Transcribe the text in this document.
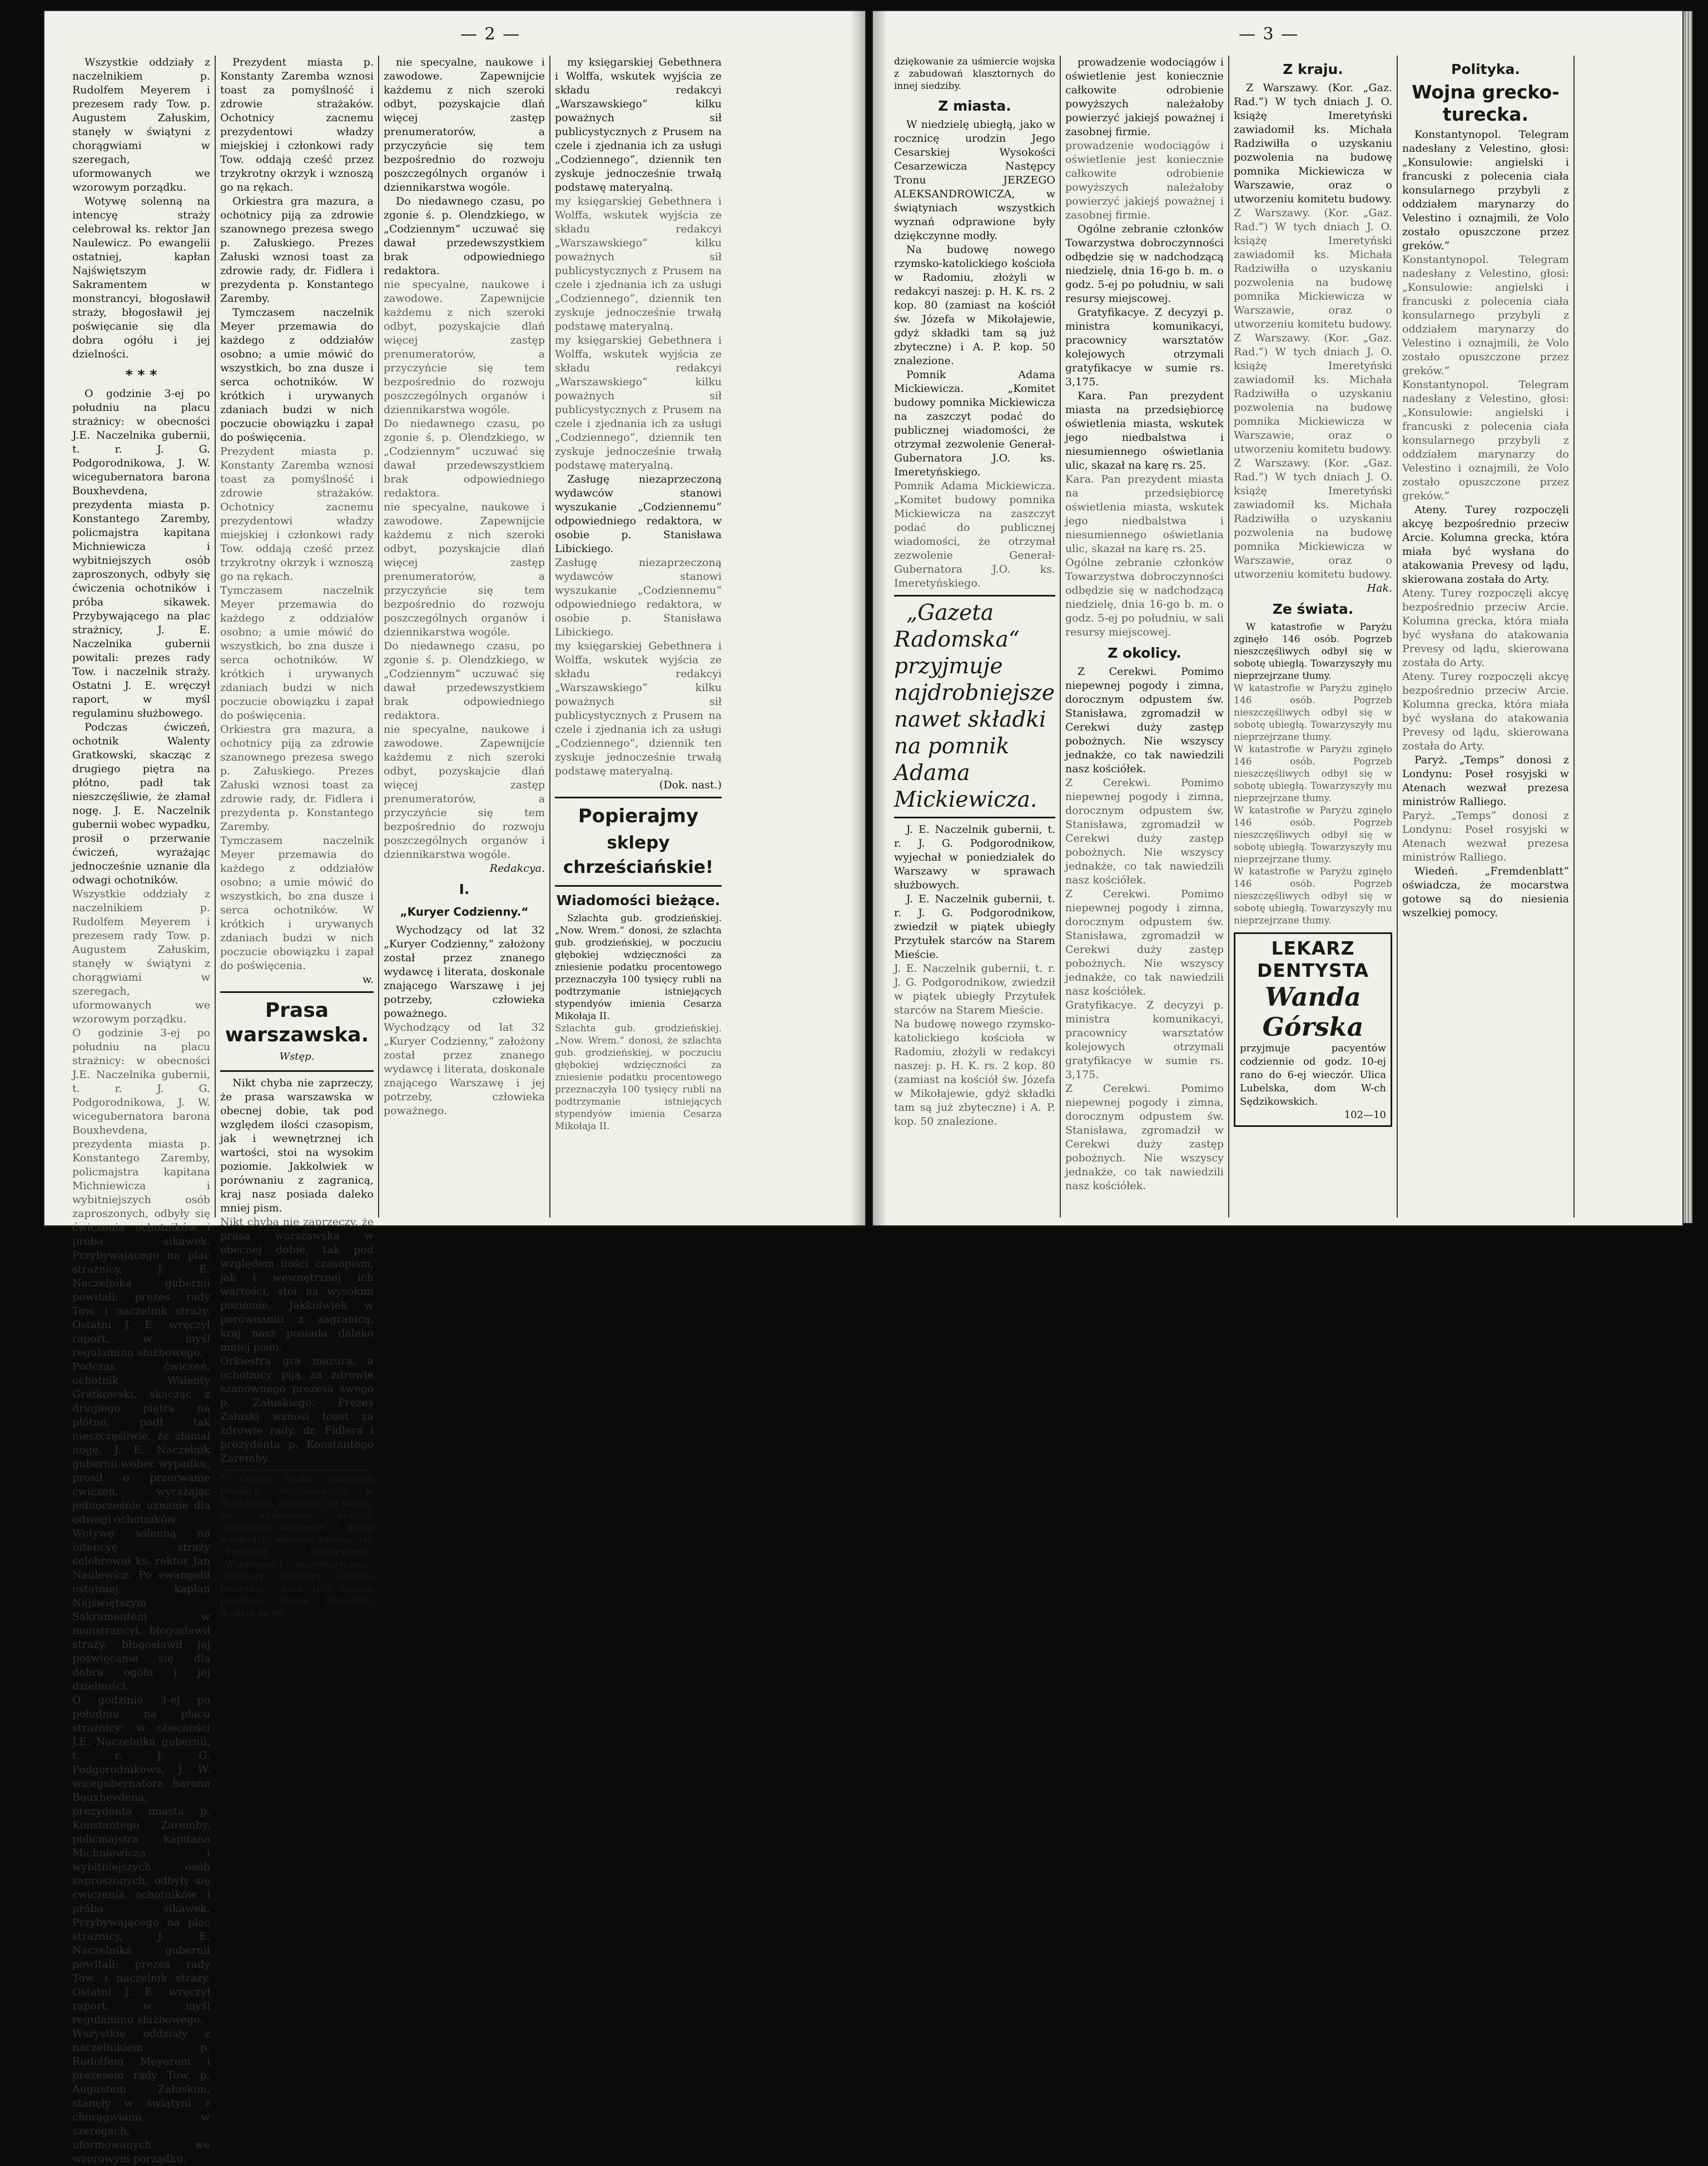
— 2 —

Wszystkie oddziały z naczelnikiem p. Rudolfem Meyerem i prezesem rady Tow. p. Augustem Załuskim, stanęły w świątyni z chorągwiami w szeregach, uformowanych we wzorowym porządku.

Wotywę solenną na intencyę straży celebrował ks. rektor Jan Naulewicz. Po ewangelii ostatniej, kapłan Najświętszym Sakramentem w monstrancyi, błogosławił straży, błogosławił jej poświęcanie się dla dobra ogółu i jej dzielności.

* * *

O godzinie 3-ej po południu na placu strażnicy: w obecności J.E. Naczelnika gubernii, t. r. J. G. Podgorodnikowa, J. W. wicegubernatora barona Bouxhevdena, prezydenta miasta p. Konstantego Zaremby, policmajstra kapitana Michniewicza i wybitniejszych osób zaproszonych, odbyły się ćwiczenia ochotników i próba sikawek. Przybywającego na plac strażnicy, J. E. Naczelnika gubernii powitali: prezes rady Tow. i naczelnik straży. Ostatni J. E. wręczył raport, w myśl regulaminu służbowego.

Podczas ćwiczeń, ochotnik Walenty Gratkowski, skacząc z drugiego piętra na płótno, padł tak nieszczęśliwie, że złamał nogę. J. E. Naczelnik gubernii wobec wypadku, prosił o przerwanie ćwiczeń, wyrażając jednocześnie uznanie dla odwagi ochotników.

Wszystkie oddziały z naczelnikiem p. Rudolfem Meyerem i prezesem rady Tow. p. Augustem Załuskim, stanęły w świątyni z chorągwiami w szeregach, uformowanych we wzorowym porządku.

O godzinie 3-ej po południu na placu strażnicy: w obecności J.E. Naczelnika gubernii, t. r. J. G. Podgorodnikowa, J. W. wicegubernatora barona Bouxhevdena, prezydenta miasta p. Konstantego Zaremby, policmajstra kapitana Michniewicza i wybitniejszych osób zaproszonych, odbyły się ćwiczenia ochotników i próba sikawek. Przybywającego na plac strażnicy, J. E. Naczelnika gubernii powitali: prezes rady Tow. i naczelnik straży. Ostatni J. E. wręczył raport, w myśl regulaminu służbowego.

Podczas ćwiczeń, ochotnik Walenty Gratkowski, skacząc z drugiego piętra na płótno, padł tak nieszczęśliwie, że złamał nogę. J. E. Naczelnik gubernii wobec wypadku, prosił o przerwanie ćwiczeń, wyrażając jednocześnie uznanie dla odwagi ochotników.

Wotywę solenną na intencyę straży celebrował ks. rektor Jan Naulewicz. Po ewangelii ostatniej, kapłan Najświętszym Sakramentem w monstrancyi, błogosławił straży, błogosławił jej poświęcanie się dla dobra ogółu i jej dzielności.

O godzinie 3-ej po południu na placu strażnicy: w obecności J.E. Naczelnika gubernii, t. r. J. G. Podgorodnikowa, J. W. wicegubernatora barona Bouxhevdena, prezydenta miasta p. Konstantego Zaremby, policmajstra kapitana Michniewicza i wybitniejszych osób zaproszonych, odbyły się ćwiczenia ochotników i próba sikawek. Przybywającego na plac strażnicy, J. E. Naczelnika gubernii powitali: prezes rady Tow. i naczelnik straży. Ostatni J. E. wręczył raport, w myśl regulaminu służbowego.

Wszystkie oddziały z naczelnikiem p. Rudolfem Meyerem i prezesem rady Tow. p. Augustem Załuskim, stanęły w świątyni z chorągwiami w szeregach, uformowanych we wzorowym porządku.

Prezydent miasta p. Konstanty Zaremba wznosi toast za pomyślność i zdrowie strażaków. Ochotnicy zacnemu prezydentowi władzy miejskiej i członkowi rady Tow. oddają cześć przez trzykrotny okrzyk i wznoszą go na rękach.

Orkiestra gra mazura, a ochotnicy piją za zdrowie szanownego prezesa swego p. Załuskiego. Prezes Załuski wznosi toast za zdrowie rady, dr. Fidlera i prezydenta p. Konstantego Zaremby.

Tymczasem naczelnik Meyer przemawia do każdego z oddziałów osobno; a umie mówić do wszystkich, bo zna dusze i serca ochotników. W krótkich i urywanych zdaniach budzi w nich poczucie obowiązku i zapał do poświęcenia.

Prezydent miasta p. Konstanty Zaremba wznosi toast za pomyślność i zdrowie strażaków. Ochotnicy zacnemu prezydentowi władzy miejskiej i członkowi rady Tow. oddają cześć przez trzykrotny okrzyk i wznoszą go na rękach.

Tymczasem naczelnik Meyer przemawia do każdego z oddziałów osobno; a umie mówić do wszystkich, bo zna dusze i serca ochotników. W krótkich i urywanych zdaniach budzi w nich poczucie obowiązku i zapał do poświęcenia.

Orkiestra gra mazura, a ochotnicy piją za zdrowie szanownego prezesa swego p. Załuskiego. Prezes Załuski wznosi toast za zdrowie rady, dr. Fidlera i prezydenta p. Konstantego Zaremby.

Tymczasem naczelnik Meyer przemawia do każdego z oddziałów osobno; a umie mówić do wszystkich, bo zna dusze i serca ochotników. W krótkich i urywanych zdaniach budzi w nich poczucie obowiązku i zapał do poświęcenia.

w.

Prasa warszawska.
Wstęp.

Nikt chyba nie zaprzeczy, że prasa warszawska w obecnej dobie, tak pod względem ilości czasopism, jak i wewnętrznej ich wartości, stoi na wysokim poziomie. Jakkolwiek w porównaniu z zagranicą, kraj nasz posiada daleko mniej pism.

Nikt chyba nie zaprzeczy, że prasa warszawska w obecnej dobie, tak pod względem ilości czasopism, jak i wewnętrznej ich wartości, stoi na wysokim poziomie. Jakkolwiek w porównaniu z zagranicą, kraj nasz posiada daleko mniej pism.

Orkiestra gra mazura, a ochotnicy piją za zdrowie szanownego prezesa swego p. Załuskiego. Prezes Załuski wznosi toast za zdrowie rady, dr. Fidlera i prezydenta p. Konstantego Zaremby.

*) Ogólna liczba czasopism polskich, wychodzących w Warszawie, wliczając już pisma, na wydawanie których otrzymano koncesye i które wychodzić wkrótce zaczną, jak „Przegląd Historyczny,“ „Wiadomości matematyczne,“ „Drukarz i księgarz,“ „Gazeta teatralna,“ oraz trzy świeżo powstałe pisma literackie, dojdzie do 66.

nie specyalne, naukowe i zawodowe. Zapewnijcie każdemu z nich szeroki odbyt, pozyskajcie dlań więcej zastęp prenumeratorów, a przyczyńcie się tem bezpośrednio do rozwoju poszczególnych organów i dziennikarstwa wogóle.

Do niedawnego czasu, po zgonie ś. p. Olendzkiego, w „Codziennym“ uczuwać się dawał przedewszystkiem brak odpowiedniego redaktora.

nie specyalne, naukowe i zawodowe. Zapewnijcie każdemu z nich szeroki odbyt, pozyskajcie dlań więcej zastęp prenumeratorów, a przyczyńcie się tem bezpośrednio do rozwoju poszczególnych organów i dziennikarstwa wogóle.

Do niedawnego czasu, po zgonie ś. p. Olendzkiego, w „Codziennym“ uczuwać się dawał przedewszystkiem brak odpowiedniego redaktora.

nie specyalne, naukowe i zawodowe. Zapewnijcie każdemu z nich szeroki odbyt, pozyskajcie dlań więcej zastęp prenumeratorów, a przyczyńcie się tem bezpośrednio do rozwoju poszczególnych organów i dziennikarstwa wogóle.

Do niedawnego czasu, po zgonie ś. p. Olendzkiego, w „Codziennym“ uczuwać się dawał przedewszystkiem brak odpowiedniego redaktora.

nie specyalne, naukowe i zawodowe. Zapewnijcie każdemu z nich szeroki odbyt, pozyskajcie dlań więcej zastęp prenumeratorów, a przyczyńcie się tem bezpośrednio do rozwoju poszczególnych organów i dziennikarstwa wogóle.

Redakcya.

I.
„Kuryer Codzienny.“

Wychodzący od lat 32 „Kuryer Codzienny,“ założony został przez znanego wydawcę i literata, doskonale znającego Warszawę i jej potrzeby, człowieka poważnego.

Wychodzący od lat 32 „Kuryer Codzienny,“ założony został przez znanego wydawcę i literata, doskonale znającego Warszawę i jej potrzeby, człowieka poważnego.

my księgarskiej Gebethnera i Wolffa, wskutek wyjścia ze składu redakcyi „Warszawskiego“ kilku poważnych sił publicystycznych z Prusem na czele i zjednania ich za usługi „Codziennego“, dziennik ten zyskuje jednocześnie trwałą podstawę materyalną.

my księgarskiej Gebethnera i Wolffa, wskutek wyjścia ze składu redakcyi „Warszawskiego“ kilku poważnych sił publicystycznych z Prusem na czele i zjednania ich za usługi „Codziennego“, dziennik ten zyskuje jednocześnie trwałą podstawę materyalną.

my księgarskiej Gebethnera i Wolffa, wskutek wyjścia ze składu redakcyi „Warszawskiego“ kilku poważnych sił publicystycznych z Prusem na czele i zjednania ich za usługi „Codziennego“, dziennik ten zyskuje jednocześnie trwałą podstawę materyalną.

Zasługę niezaprzeczoną wydawców stanowi wyszukanie „Codziennemu“ odpowiedniego redaktora, w osobie p. Stanisława Libickiego.

Zasługę niezaprzeczoną wydawców stanowi wyszukanie „Codziennemu“ odpowiedniego redaktora, w osobie p. Stanisława Libickiego.

my księgarskiej Gebethnera i Wolffa, wskutek wyjścia ze składu redakcyi „Warszawskiego“ kilku poważnych sił publicystycznych z Prusem na czele i zjednania ich za usługi „Codziennego“, dziennik ten zyskuje jednocześnie trwałą podstawę materyalną.

(Dok. nast.)

Popierajmy
sklepy chrześciańskie!
Wiadomości bieżące.

Szlachta gub. grodzieńskiej. „Now. Wrem.“ donosi, że szlachta gub. grodzieńskiej, w poczuciu głębokiej wdzięczności za zniesienie podatku procentowego przeznaczyła 100 tysięcy rubli na podtrzymanie istniejących stypendyów imienia Cesarza Mikołaja II.

Szlachta gub. grodzieńskiej. „Now. Wrem.“ donosi, że szlachta gub. grodzieńskiej, w poczuciu głębokiej wdzięczności za zniesienie podatku procentowego przeznaczyła 100 tysięcy rubli na podtrzymanie istniejących stypendyów imienia Cesarza Mikołaja II.

— 3 —

dziękowanie za uśmiercie wojska z zabudowań klasztornych do innej siedziby.

Z miasta.

W niedzielę ubiegłą, jako w rocznicę urodzin Jego Cesarskiej Wysokości Cesarzewicza Następcy Tronu JERZEGO ALEKSANDROWICZA, w świątyniach wszystkich wyznań odprawione były dziękczynne modły.

Na budowę nowego rzymsko-katolickiego kościoła w Radomiu, złożyli w redakcyi naszej: p. H. K. rs. 2 kop. 80 (zamiast na kościół św. Józefa w Mikołajewie, gdyż składki tam są już zbyteczne) i A. P. kop. 50 znalezione.

Pomnik Adama Mickiewicza. „Komitet budowy pomnika Mickiewicza na zaszczyt podać do publicznej wiadomości, że otrzymał zezwolenie Generał-Gubernatora J.O. ks. Imeretyńskiego.

Pomnik Adama Mickiewicza. „Komitet budowy pomnika Mickiewicza na zaszczyt podać do publicznej wiadomości, że otrzymał zezwolenie Generał-Gubernatora J.O. ks. Imeretyńskiego.

„Gazeta Radomska“ przyjmuje najdrobniejsze nawet składki na pomnik Adama Mickiewicza.

J. E. Naczelnik gubernii, t. r. J. G. Podgorodnikow, wyjechał w poniedziałek do Warszawy w sprawach służbowych.

J. E. Naczelnik gubernii, t. r. J. G. Podgorodnikow, zwiedził w piątek ubiegły Przytułek starców na Starem Mieście.

J. E. Naczelnik gubernii, t. r. J. G. Podgorodnikow, zwiedził w piątek ubiegły Przytułek starców na Starem Mieście.

Na budowę nowego rzymsko-katolickiego kościoła w Radomiu, złożyli w redakcyi naszej: p. H. K. rs. 2 kop. 80 (zamiast na kościół św. Józefa w Mikołajewie, gdyż składki tam są już zbyteczne) i A. P. kop. 50 znalezione.

prowadzenie wodociągów i oświetlenie jest koniecznie całkowite odrobienie powyższych należałoby powierzyć jakiejś poważnej i zasobnej firmie.

prowadzenie wodociągów i oświetlenie jest koniecznie całkowite odrobienie powyższych należałoby powierzyć jakiejś poważnej i zasobnej firmie.

Ogólne zebranie członków Towarzystwa dobroczynności odbędzie się w nadchodzącą niedzielę, dnia 16-go b. m. o godz. 5-ej po południu, w sali resursy miejscowej.

Gratyfikacye. Z decyzyi p. ministra komunikacyi, pracownicy warsztatów kolejowych otrzymali gratyfikacye w sumie rs. 3,175.

Kara. Pan prezydent miasta na przedsiębiorcę oświetlenia miasta, wskutek jego niedbalstwa i niesumiennego oświetlania ulic, skazał na karę rs. 25.

Kara. Pan prezydent miasta na przedsiębiorcę oświetlenia miasta, wskutek jego niedbalstwa i niesumiennego oświetlania ulic, skazał na karę rs. 25.

Ogólne zebranie członków Towarzystwa dobroczynności odbędzie się w nadchodzącą niedzielę, dnia 16-go b. m. o godz. 5-ej po południu, w sali resursy miejscowej.

Z okolicy.

Z Cerekwi. Pomimo niepewnej pogody i zimna, dorocznym odpustem św. Stanisława, zgromadził w Cerekwi duży zastęp pobożnych. Nie wszyscy jednakże, co tak nawiedzili nasz kościółek.

Z Cerekwi. Pomimo niepewnej pogody i zimna, dorocznym odpustem św. Stanisława, zgromadził w Cerekwi duży zastęp pobożnych. Nie wszyscy jednakże, co tak nawiedzili nasz kościółek.

Z Cerekwi. Pomimo niepewnej pogody i zimna, dorocznym odpustem św. Stanisława, zgromadził w Cerekwi duży zastęp pobożnych. Nie wszyscy jednakże, co tak nawiedzili nasz kościółek.

Gratyfikacye. Z decyzyi p. ministra komunikacyi, pracownicy warsztatów kolejowych otrzymali gratyfikacye w sumie rs. 3,175.

Z Cerekwi. Pomimo niepewnej pogody i zimna, dorocznym odpustem św. Stanisława, zgromadził w Cerekwi duży zastęp pobożnych. Nie wszyscy jednakże, co tak nawiedzili nasz kościółek.

Z kraju.

Z Warszawy. (Kor. „Gaz. Rad.“) W tych dniach J. O. książę Imeretyński zawiadomił ks. Michała Radziwiłła o uzyskaniu pozwolenia na budowę pomnika Mickiewicza w Warszawie, oraz o utworzeniu komitetu budowy.

Z Warszawy. (Kor. „Gaz. Rad.“) W tych dniach J. O. książę Imeretyński zawiadomił ks. Michała Radziwiłła o uzyskaniu pozwolenia na budowę pomnika Mickiewicza w Warszawie, oraz o utworzeniu komitetu budowy.

Z Warszawy. (Kor. „Gaz. Rad.“) W tych dniach J. O. książę Imeretyński zawiadomił ks. Michała Radziwiłła o uzyskaniu pozwolenia na budowę pomnika Mickiewicza w Warszawie, oraz o utworzeniu komitetu budowy.

Z Warszawy. (Kor. „Gaz. Rad.“) W tych dniach J. O. książę Imeretyński zawiadomił ks. Michała Radziwiłła o uzyskaniu pozwolenia na budowę pomnika Mickiewicza w Warszawie, oraz o utworzeniu komitetu budowy.

Hak.

Ze świata.

W katastrofie w Paryżu zginęło 146 osób. Pogrzeb nieszczęśliwych odbył się w sobotę ubiegłą. Towarzyszyły mu nieprzejrzane tłumy.

W katastrofie w Paryżu zginęło 146 osób. Pogrzeb nieszczęśliwych odbył się w sobotę ubiegłą. Towarzyszyły mu nieprzejrzane tłumy.

W katastrofie w Paryżu zginęło 146 osób. Pogrzeb nieszczęśliwych odbył się w sobotę ubiegłą. Towarzyszyły mu nieprzejrzane tłumy.

W katastrofie w Paryżu zginęło 146 osób. Pogrzeb nieszczęśliwych odbył się w sobotę ubiegłą. Towarzyszyły mu nieprzejrzane tłumy.

W katastrofie w Paryżu zginęło 146 osób. Pogrzeb nieszczęśliwych odbył się w sobotę ubiegłą. Towarzyszyły mu nieprzejrzane tłumy.

LEKARZ DENTYSTA
Wanda Górska

przyjmuje pacyentów codziennie od godz. 10-ej rano do 6-ej wieczór. Ulica Lubelska, dom W-ch Sędzikowskich.

102—10

Polityka.
Wojna grecko-turecka.

Konstantynopol. Telegram nadesłany z Velestino, głosi: „Konsulowie: angielski i francuski z polecenia ciała konsularnego przybyli z oddziałem marynarzy do Velestino i oznajmili, że Volo zostało opuszczone przez greków.“

Konstantynopol. Telegram nadesłany z Velestino, głosi: „Konsulowie: angielski i francuski z polecenia ciała konsularnego przybyli z oddziałem marynarzy do Velestino i oznajmili, że Volo zostało opuszczone przez greków.“

Konstantynopol. Telegram nadesłany z Velestino, głosi: „Konsulowie: angielski i francuski z polecenia ciała konsularnego przybyli z oddziałem marynarzy do Velestino i oznajmili, że Volo zostało opuszczone przez greków.“

Ateny. Turey rozpoczęli akcyę bezpośrednio przeciw Arcie. Kolumna grecka, która miała być wysłana do atakowania Prevesy od lądu, skierowana została do Arty.

Ateny. Turey rozpoczęli akcyę bezpośrednio przeciw Arcie. Kolumna grecka, która miała być wysłana do atakowania Prevesy od lądu, skierowana została do Arty.

Ateny. Turey rozpoczęli akcyę bezpośrednio przeciw Arcie. Kolumna grecka, która miała być wysłana do atakowania Prevesy od lądu, skierowana została do Arty.

Paryż. „Temps“ donosi z Londynu: Poseł rosyjski w Atenach wezwał prezesa ministrów Ralliego.

Paryż. „Temps“ donosi z Londynu: Poseł rosyjski w Atenach wezwał prezesa ministrów Ralliego.

Wiedeń. „Fremdenblatt“ oświadcza, że mocarstwa gotowe są do niesienia wszelkiej pomocy.
